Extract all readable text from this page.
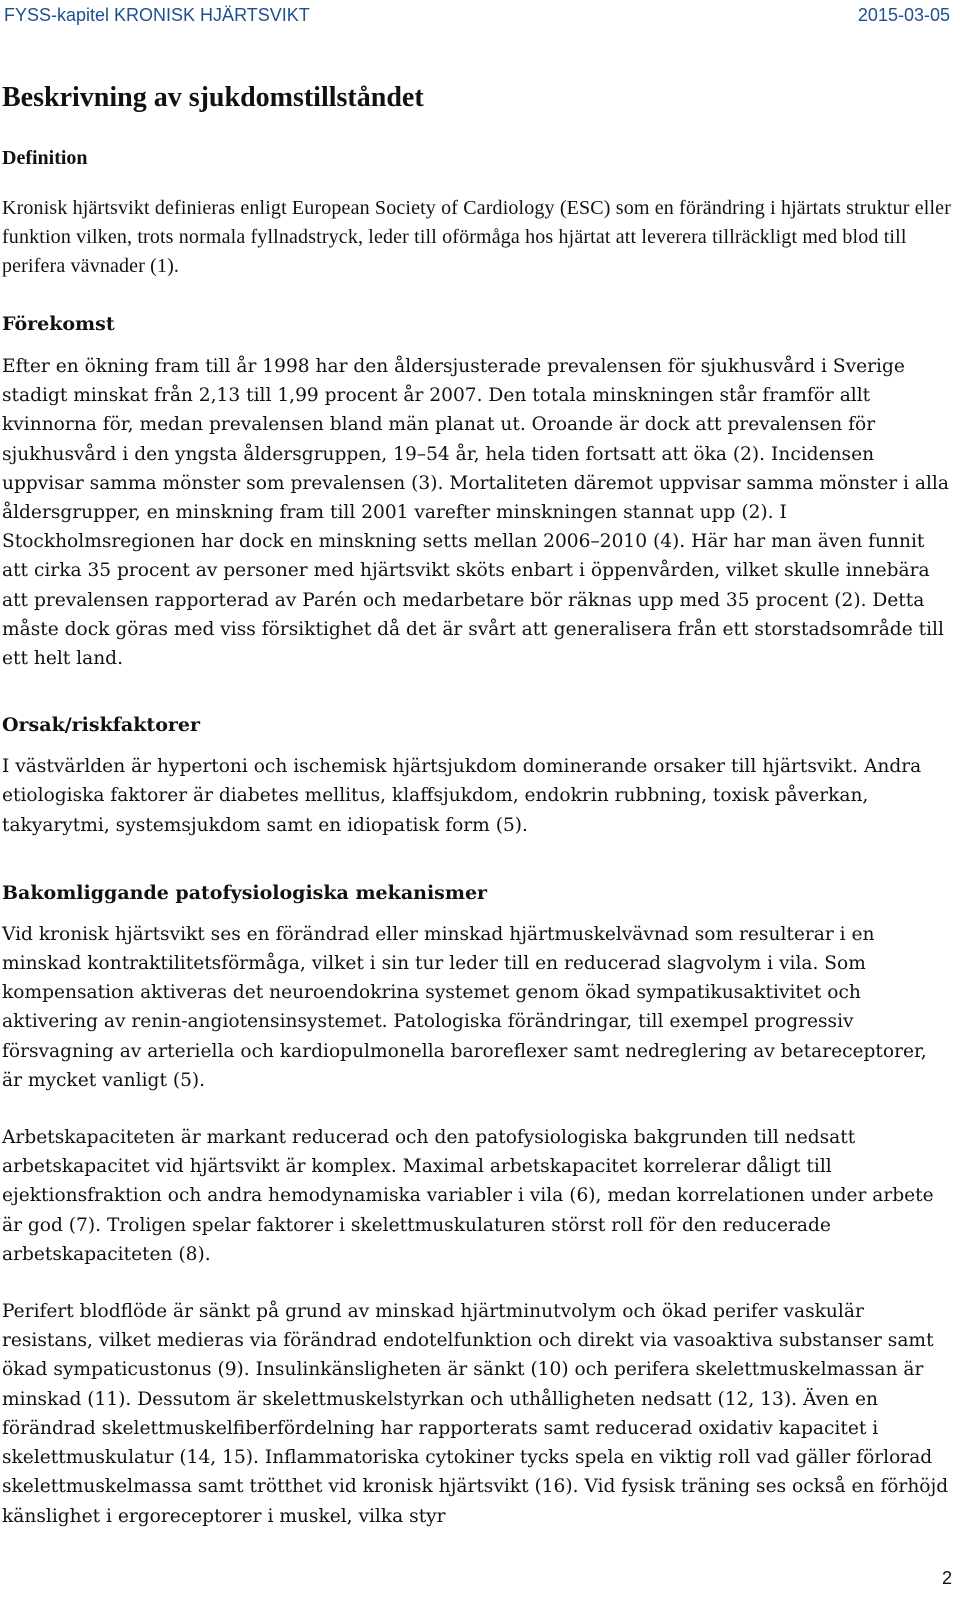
FYSS-kapitel KRONISK HJÄRTSVIKT	2015-03-05
Beskrivning av sjukdomstillståndet
Definition

Kronisk hjärtsvikt definieras enligt European Society of Cardiology (ESC) som en förändring i hjärtats struktur eller funktion vilken, trots normala fyllnadstryck, leder till oförmåga hos hjärtat att leverera tillräckligt med blod till perifera vävnader (1).

Förekomst

Efter en ökning fram till år 1998 har den åldersjusterade prevalensen för sjukhusvård i Sverige stadigt minskat från 2,13 till 1,99 procent år 2007. Den totala minskningen står framför allt kvinnorna för, medan prevalensen bland män planat ut. Oroande är dock att prevalensen för sjukhusvård i den yngsta åldersgruppen, 19–54 år, hela tiden fortsatt att öka (2). Incidensen uppvisar samma mönster som prevalensen (3). Mortaliteten däremot uppvisar samma mönster i alla åldersgrupper, en minskning fram till 2001 varefter minskningen stannat upp (2). I Stockholmsregionen har dock en minskning setts mellan 2006–2010 (4). Här har man även funnit att cirka 35 procent av personer med hjärtsvikt sköts enbart i öppenvården, vilket skulle innebära att prevalensen rapporterad av Parén och medarbetare bör räknas upp med 35 procent (2). Detta måste dock göras med viss försiktighet då det är svårt att generalisera från ett storstadsområde till ett helt land.

Orsak/riskfaktorer

I västvärlden är hypertoni och ischemisk hjärtsjukdom dominerande orsaker till hjärtsvikt. Andra etiologiska faktorer är diabetes mellitus, klaffsjukdom, endokrin rubbning, toxisk påverkan, takyarytmi, systemsjukdom samt en idiopatisk form (5).

Bakomliggande patofysiologiska mekanismer

Vid kronisk hjärtsvikt ses en förändrad eller minskad hjärtmuskelvävnad som resulterar i en minskad kontraktilitetsförmåga, vilket i sin tur leder till en reducerad slagvolym i vila. Som kompensation aktiveras det neuroendokrina systemet genom ökad sympatikusaktivitet och aktivering av renin-angiotensinsystemet. Patologiska förändringar, till exempel progressiv försvagning av arteriella och kardiopulmonella baroreflexer samt nedreglering av betareceptorer, är mycket vanligt (5).

Arbetskapaciteten är markant reducerad och den patofysiologiska bakgrunden till nedsatt arbetskapacitet vid hjärtsvikt är komplex. Maximal arbetskapacitet korrelerar dåligt till ejektionsfraktion och andra hemodynamiska variabler i vila (6), medan korrelationen under arbete är god (7). Troligen spelar faktorer i skelettmuskulaturen störst roll för den reducerade arbetskapaciteten (8).

Perifert blodflöde är sänkt på grund av minskad hjärtminutvolym och ökad perifer vaskulär resistans, vilket medieras via förändrad endotelfunktion och direkt via vasoaktiva substanser samt ökad sympaticustonus (9). Insulinkänsligheten är sänkt (10) och perifera skelettmuskelmassan är minskad (11). Dessutom är skelettmuskelstyrkan och uthålligheten nedsatt (12, 13). Även en förändrad skelettmuskelfiberfördelning har rapporterats samt reducerad oxidativ kapacitet i skelettmuskulatur (14, 15). Inflammatoriska cytokiner tycks spela en viktig roll vad gäller förlorad skelettmuskelmassa samt trötthet vid kronisk hjärtsvikt (16). Vid fysisk träning ses också en förhöjd känslighet i ergoreceptorer i muskel, vilka styr

2
